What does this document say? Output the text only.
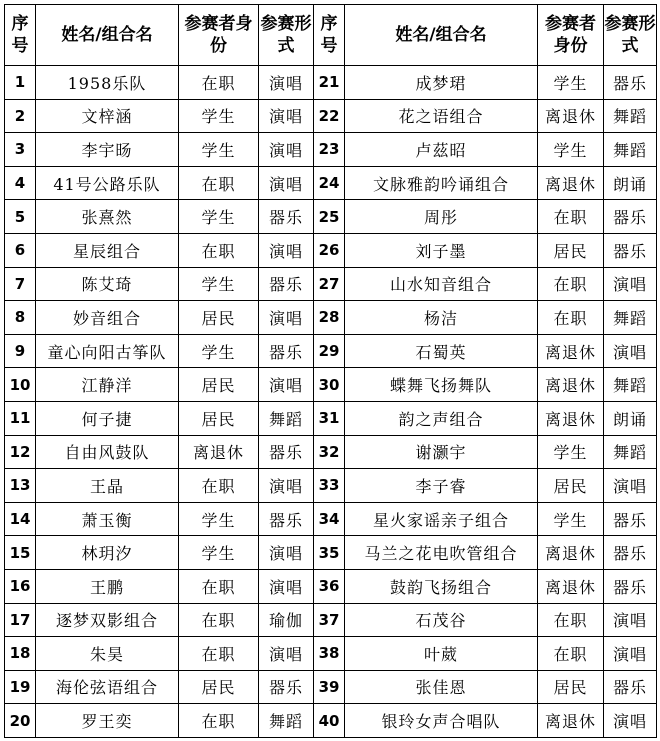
序号	姓名/组合名	参赛者身份	参赛形式	序号	姓名/组合名	参赛者身份	参赛形式
1	1958乐队	在职	演唱	21	成梦珺	学生	器乐
2	文梓涵	学生	演唱	22	花之语组合	离退休	舞蹈
3	李宇旸	学生	演唱	23	卢茲昭	学生	舞蹈
4	41号公路乐队	在职	演唱	24	文脉雅韵吟诵组合	离退休	朗诵
5	张熹然	学生	器乐	25	周彤	在职	器乐
6	星辰组合	在职	演唱	26	刘子墨	居民	器乐
7	陈艾琦	学生	器乐	27	山水知音组合	在职	演唱
8	妙音组合	居民	演唱	28	杨洁	在职	舞蹈
9	童心向阳古筝队	学生	器乐	29	石蜀英	离退休	演唱
10	江静洋	居民	演唱	30	蝶舞飞扬舞队	离退休	舞蹈
11	何子捷	居民	舞蹈	31	韵之声组合	离退休	朗诵
12	自由风鼓队	离退休	器乐	32	谢灏宇	学生	舞蹈
13	王晶	在职	演唱	33	李子睿	居民	演唱
14	萧玉衡	学生	器乐	34	星火家谣亲子组合	学生	器乐
15	林玥汐	学生	演唱	35	马兰之花电吹管组合	离退休	器乐
16	王鹏	在职	演唱	36	鼓韵飞扬组合	离退休	器乐
17	逐梦双影组合	在职	瑜伽	37	石茂谷	在职	演唱
18	朱昊	在职	演唱	38	叶葳	在职	演唱
19	海伦弦语组合	居民	器乐	39	张佳恩	居民	器乐
20	罗王奕	在职	舞蹈	40	银玲女声合唱队	离退休	演唱
